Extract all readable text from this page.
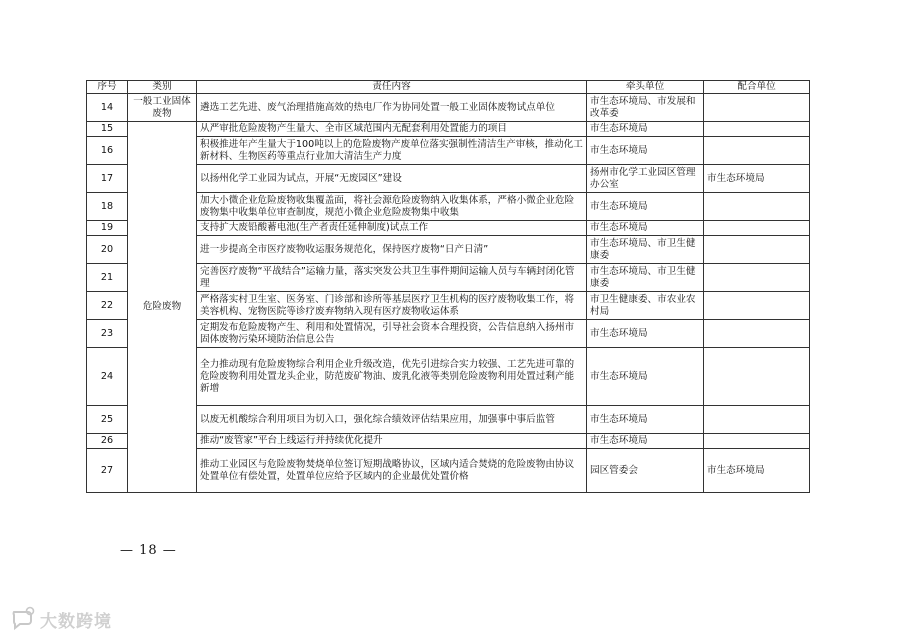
序号	类别	责任内容	牵头单位	配合单位
14	一般工业固体废物	遴选工艺先进、废气治理措施高效的热电厂作为协同处置一般工业固体废物试点单位	市生态环境局、市发展和改革委	
15	危险废物	从严审批危险废物产生量大、全市区域范围内无配套利用处置能力的项目	市生态环境局	
16		积极推进年产生量大于100吨以上的危险废物产废单位落实强制性清洁生产审核，推动化工新材料、生物医药等重点行业加大清洁生产力度	市生态环境局	
17		以扬州化学工业园为试点，开展“无废园区”建设	扬州市化学工业园区管理办公室	市生态环境局
18		加大小微企业危险废物收集覆盖面，将社会源危险废物纳入收集体系，严格小微企业危险废物集中收集单位审查制度，规范小微企业危险废物集中收集	市生态环境局	
19		支持扩大废铅酸蓄电池(生产者责任延伸制度)试点工作	市生态环境局	
20		进一步提高全市医疗废物收运服务规范化，保持医疗废物“日产日清”	市生态环境局、市卫生健康委	
21		完善医疗废物“平战结合”运输力量，落实突发公共卫生事件期间运输人员与车辆封闭化管理	市生态环境局、市卫生健康委	
22		严格落实村卫生室、医务室、门诊部和诊所等基层医疗卫生机构的医疗废物收集工作，将美容机构、宠物医院等诊疗废弃物纳入现有医疗废物收运体系	市卫生健康委、市农业农村局	
23		定期发布危险废物产生、利用和处置情况，引导社会资本合理投资，公告信息纳入扬州市固体废物污染环境防治信息公告	市生态环境局	
24		全力推动现有危险废物综合利用企业升级改造，优先引进综合实力较强、工艺先进可靠的危险废物利用处置龙头企业，防范废矿物油、废乳化液等类别危险废物利用处置过剩产能新增	市生态环境局	
25		以废无机酸综合利用项目为切入口，强化综合绩效评估结果应用，加强事中事后监管	市生态环境局	
26		推动“废管家”平台上线运行并持续优化提升	市生态环境局	
27		推动工业园区与危险废物焚烧单位签订短期战略协议，区域内适合焚烧的危险废物由协议处置单位有偿处置，处置单位应给予区域内的企业最优处置价格	园区管委会	市生态环境局
— 18 —
大数跨境
